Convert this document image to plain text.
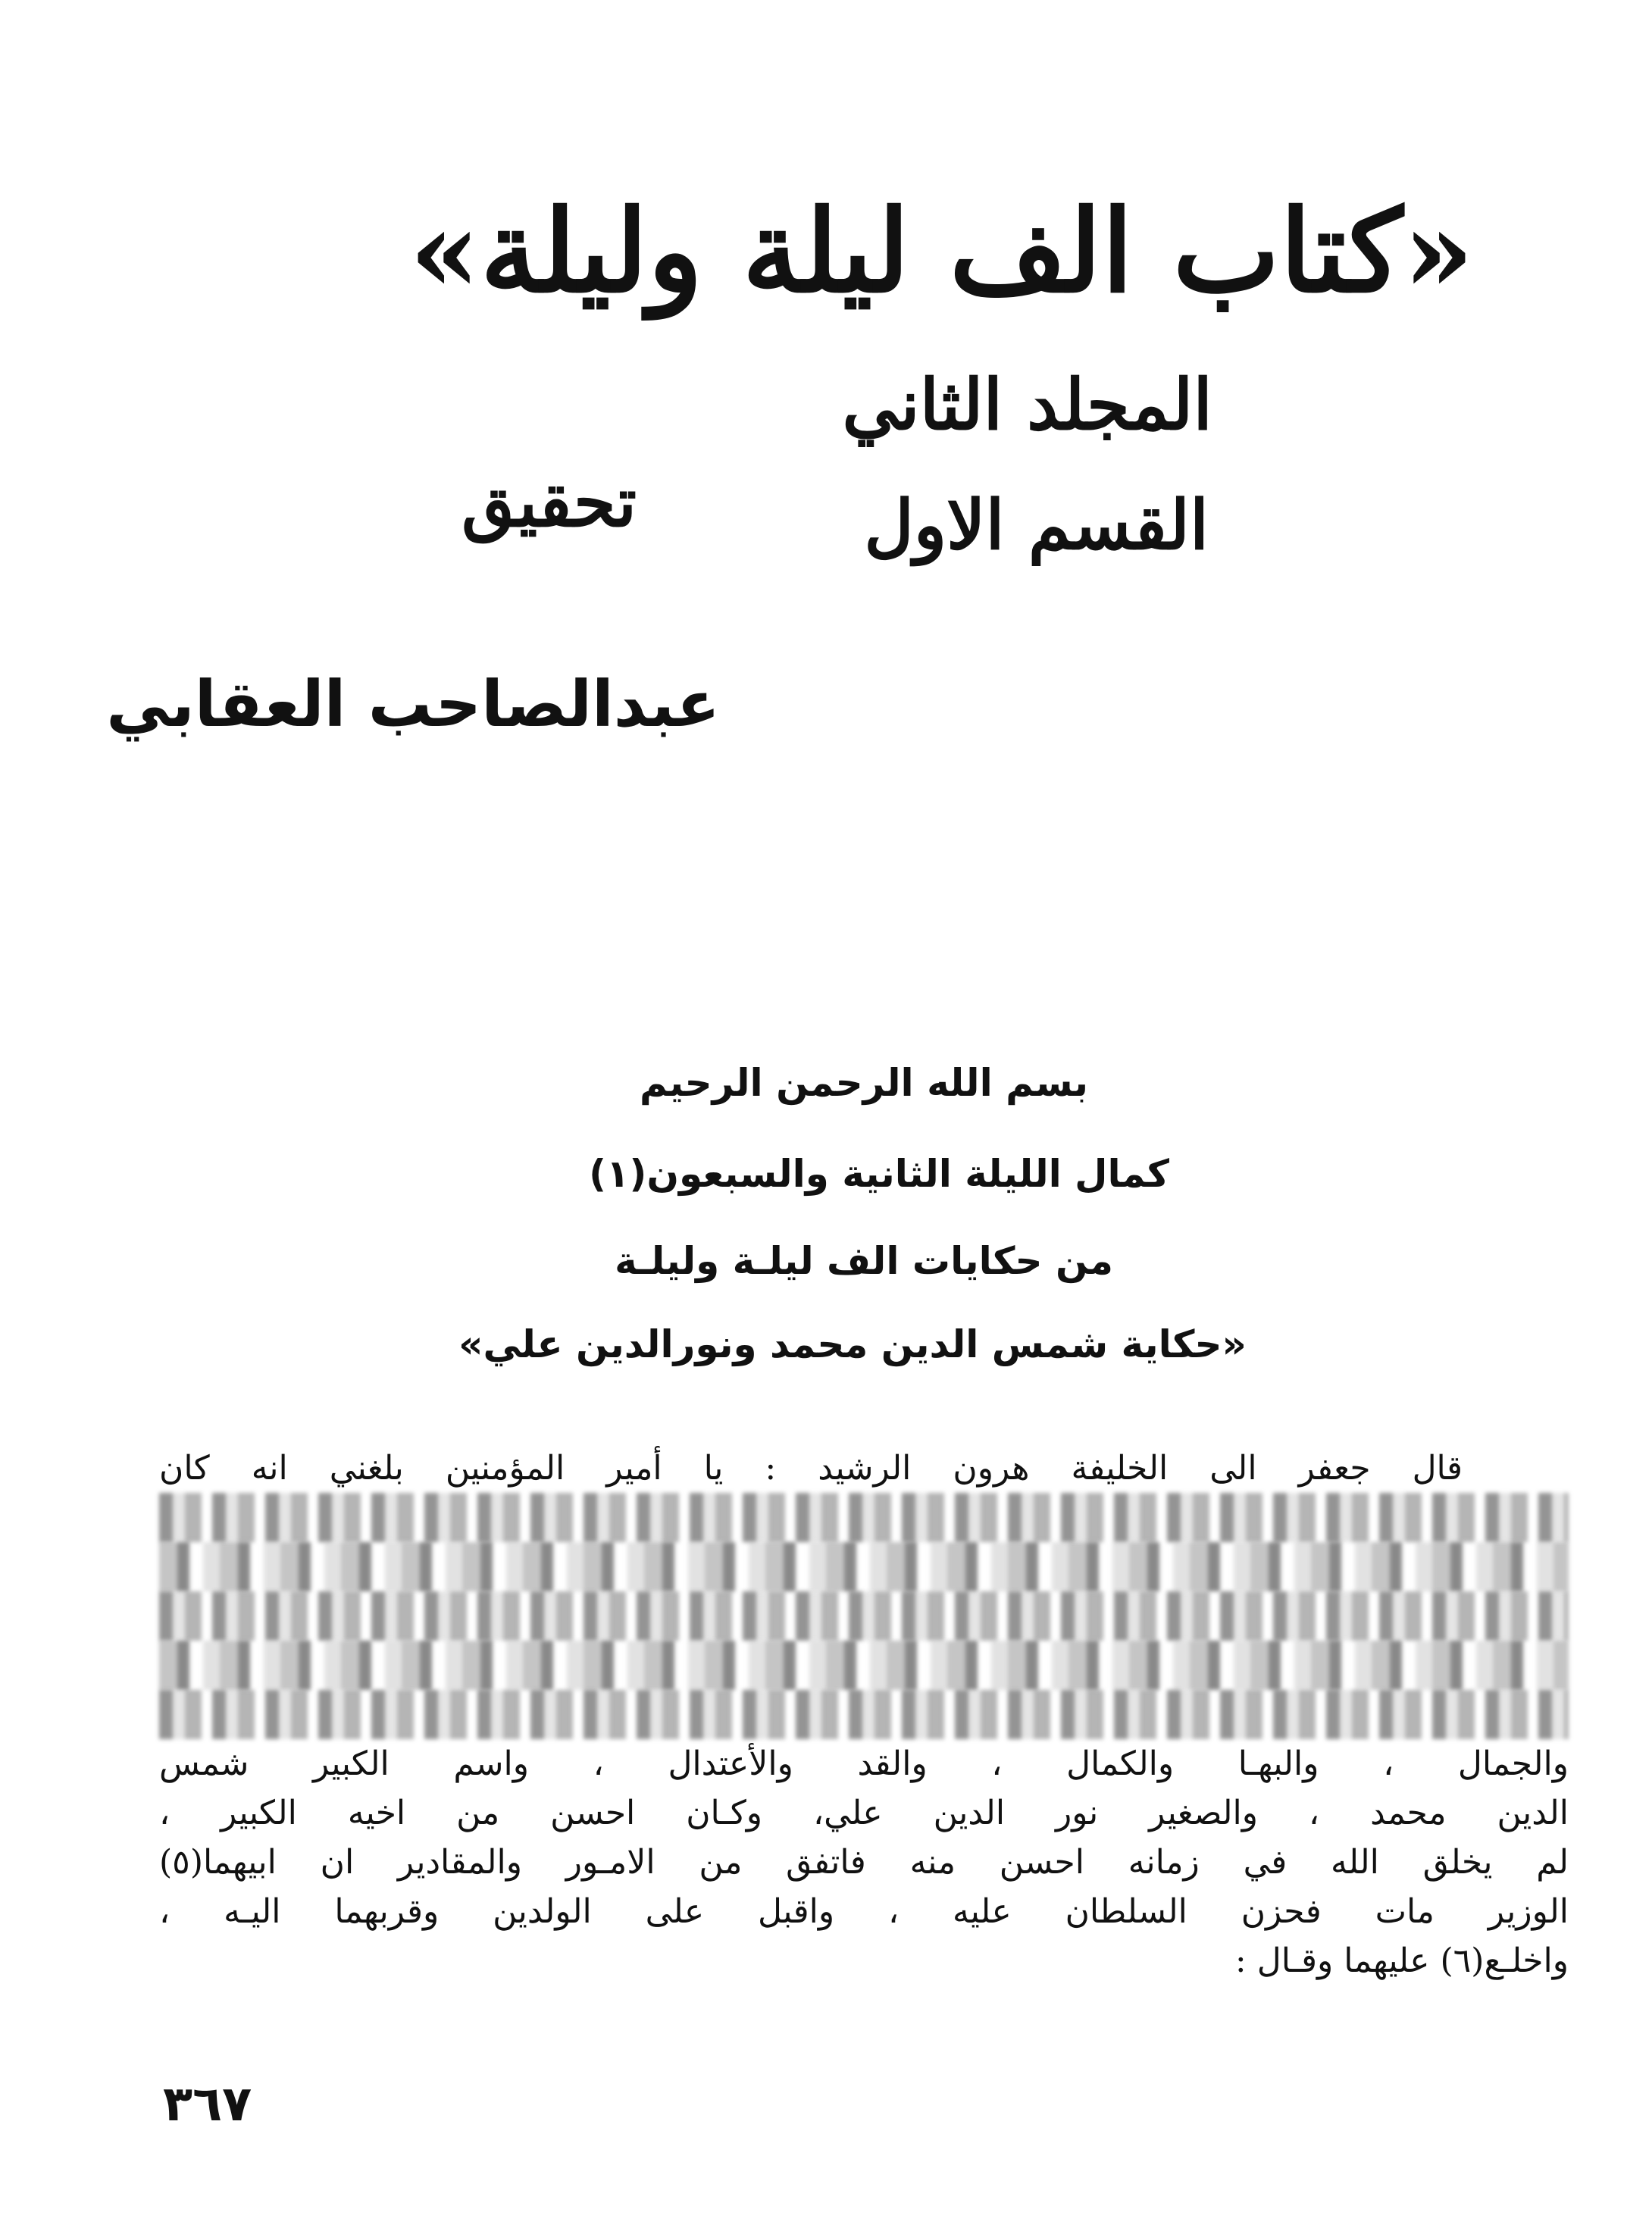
«كتاب الف ليلة وليلة»
المجلد الثاني
القسم الاول
تحقيق
عبدالصاحب العقابي
بسم الله الرحمن الرحيم
كمال الليلة الثانية والسبعون(١)
من حكايات الف ليلـة وليلـة
«حكاية شمس الدين محمد ونورالدين علي»
قال جعفر الى الخليفة هرون الرشيد : يا أمير المؤمنين بلغني انه كان
والجمال ، والبهـا والكمال ، والقد والأعتدال ، واسم الكبير شمس
الدين محمد ، والصغير نور الدين علي، وكـان احسن من اخيه الكبير ،
لم يخلق الله في زمانه احسن منه فاتفق من الامـور والمقادير ان ابيهما(٥)
الوزير مات فحزن السلطان عليه ، واقبل على الولدين وقربهما اليـه ،
واخلـع(٦) عليهما وقـال :
٣٦٧
